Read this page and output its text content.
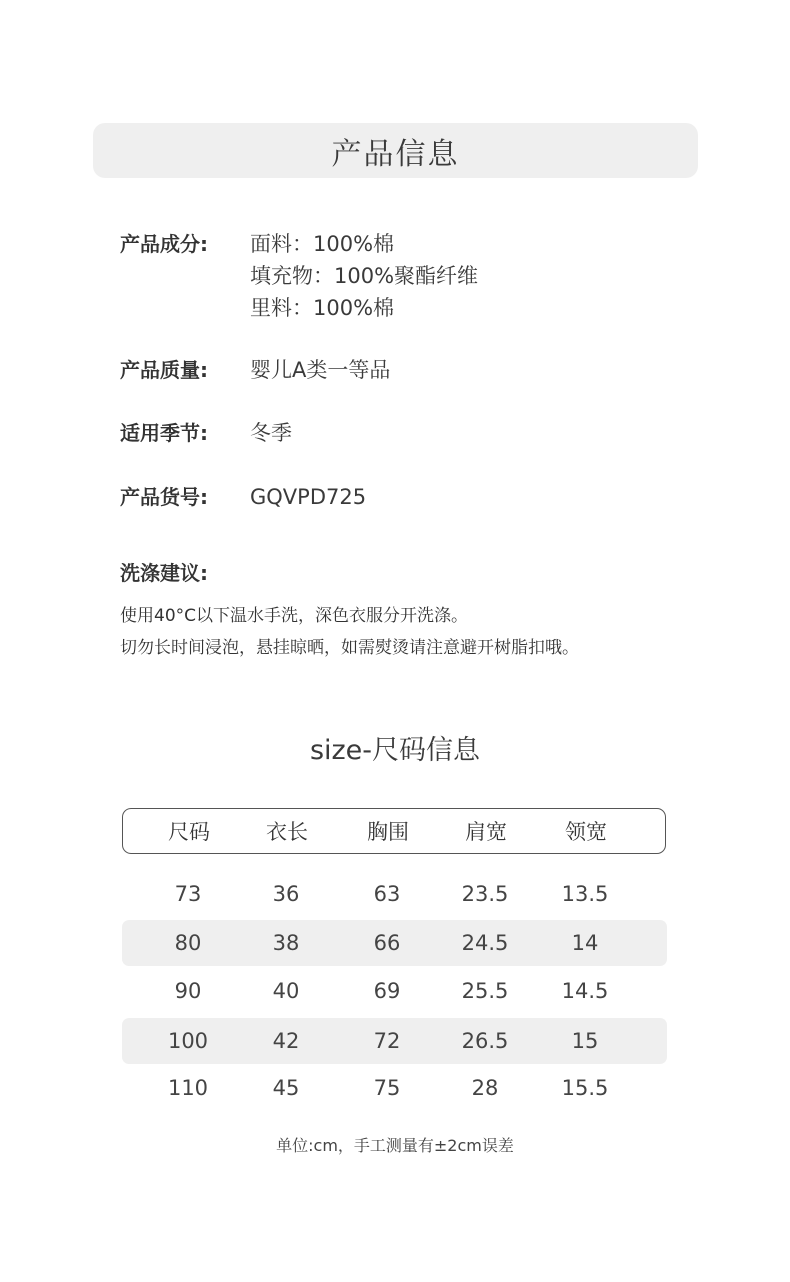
产品信息
产品成分:	面料：100%棉
填充物：100%聚酯纤维
里料：100%棉
产品质量:	婴儿A类一等品
适用季节:	冬季
产品货号:	GQVPD725
洗涤建议:
使用40°C以下温水手洗，深色衣服分开洗涤。
切勿长时间浸泡，悬挂晾晒，如需熨烫请注意避开树脂扣哦。
size-尺码信息
尺码	衣长	胸围	肩宽	领宽
73	36	63	23.5	13.5
80	38	66	24.5	14
90	40	69	25.5	14.5
100	42	72	26.5	15
110	45	75	28	15.5
单位:cm，手工测量有±2cm误差
